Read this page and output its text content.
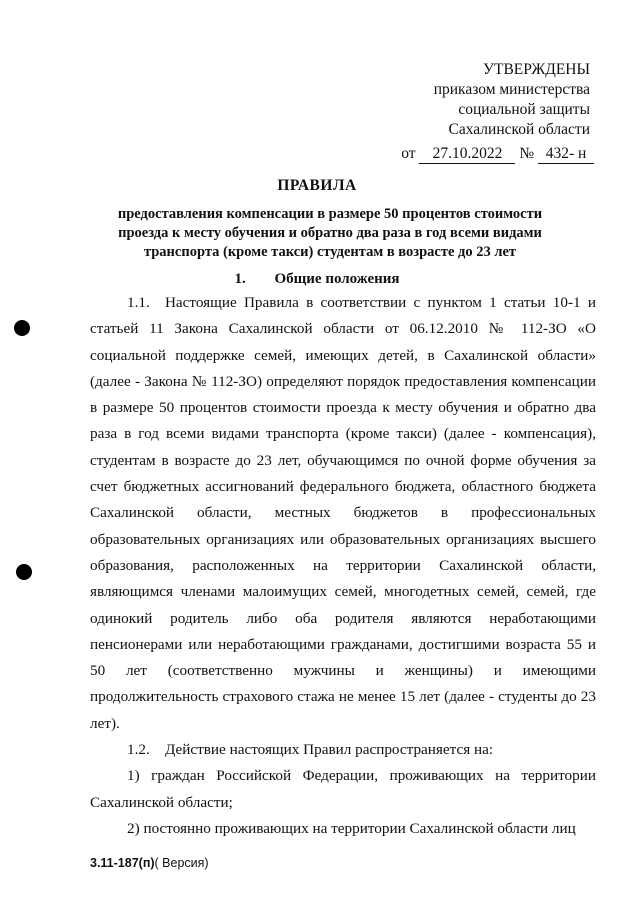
УТВЕРЖДЕНЫ
приказом министерства
социальной защиты
Сахалинской области
от 27.10.2022 № 432- н
ПРАВИЛА
предоставления компенсации в размере 50 процентов стоимости проезда к месту обучения и обратно два раза в год всеми видами транспорта (кроме такси) студентам в возрасте до 23 лет
1. Общие положения

1.1. Настоящие Правила в соответствии с пунктом 1 статьи 10-1 и статьей 11 Закона Сахалинской области от 06.12.2010 № 112-ЗО «О социальной поддержке семей, имеющих детей, в Сахалинской области» (далее - Закона № 112-ЗО) определяют порядок предоставления компенсации в размере 50 процентов стоимости проезда к месту обучения и обратно два раза в год всеми видами транспорта (кроме такси) (далее - компенсация), студентам в возрасте до 23 лет, обучающимся по очной форме обучения за счет бюджетных ассигнований федерального бюджета, областного бюджета Сахалинской области, местных бюджетов в профессиональных образовательных организациях или образовательных организациях высшего образования, расположенных на территории Сахалинской области, являющимся членами малоимущих семей, многодетных семей, семей, где одинокий родитель либо оба родителя являются неработающими пенсионерами или неработающими гражданами, достигшими возраста 55 и 50 лет (соответственно мужчины и женщины) и имеющими продолжительность страхового стажа не менее 15 лет (далее - студенты до 23 лет).

1.2. Действие настоящих Правил распространяется на:

1) граждан Российской Федерации, проживающих на территории Сахалинской области;

2) постоянно проживающих на территории Сахалинской области лиц

3.11-187(п)( Версия)
